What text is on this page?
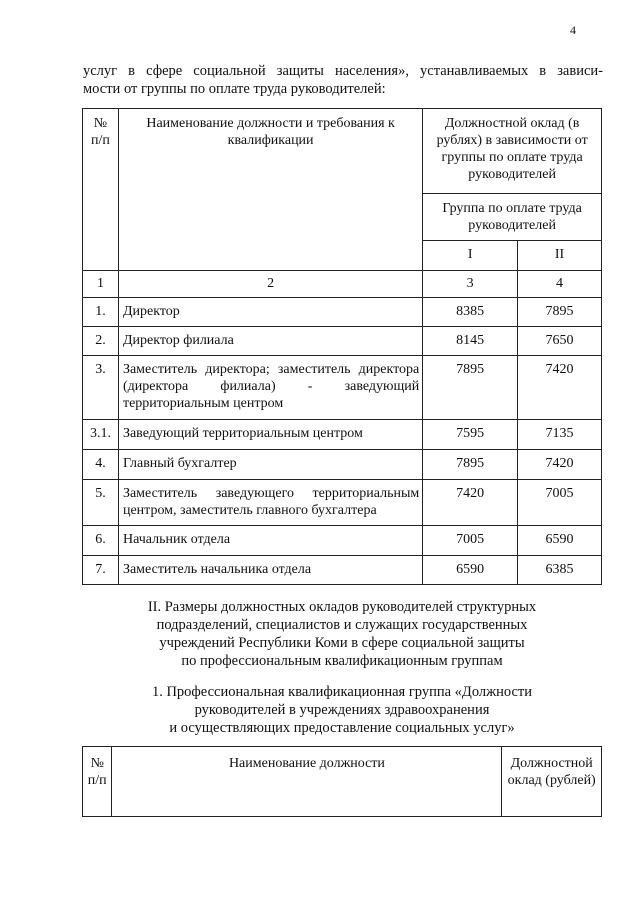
4
услуг в сфере социальной защиты населения», устанавливаемых в зависи-
мости от группы по оплате труда руководителей:
№ п/п	Наименование должности и требования к квалификации	Должностной оклад (в рублях) в зависимости от группы по оплате труда руководителей	
		Группа по оплате труда руководителей	
		I	II
1	2	3	4
1.	Директор	8385	7895
2.	Директор филиала	8145	7650
3.	Заместитель директора; заместитель директора (директора филиала) - заведующий территориальным центром	7895	7420
3.1.	Заведующий территориальным центром	7595	7135
4.	Главный бухгалтер	7895	7420
5.	Заместитель заведующего территориальным центром, заместитель главного бухгалтера	7420	7005
6.	Начальник отдела	7005	6590
7.	Заместитель начальника отдела	6590	6385
II. Размеры должностных окладов руководителей структурных
подразделений, специалистов и служащих государственных
учреждений Республики Коми в сфере социальной защиты
по профессиональным квалификационным группам
1. Профессиональная квалификационная группа «Должности
руководителей в учреждениях здравоохранения
и осуществляющих предоставление социальных услуг»
№ п/п	Наименование должности	Должностной оклад (рублей)
